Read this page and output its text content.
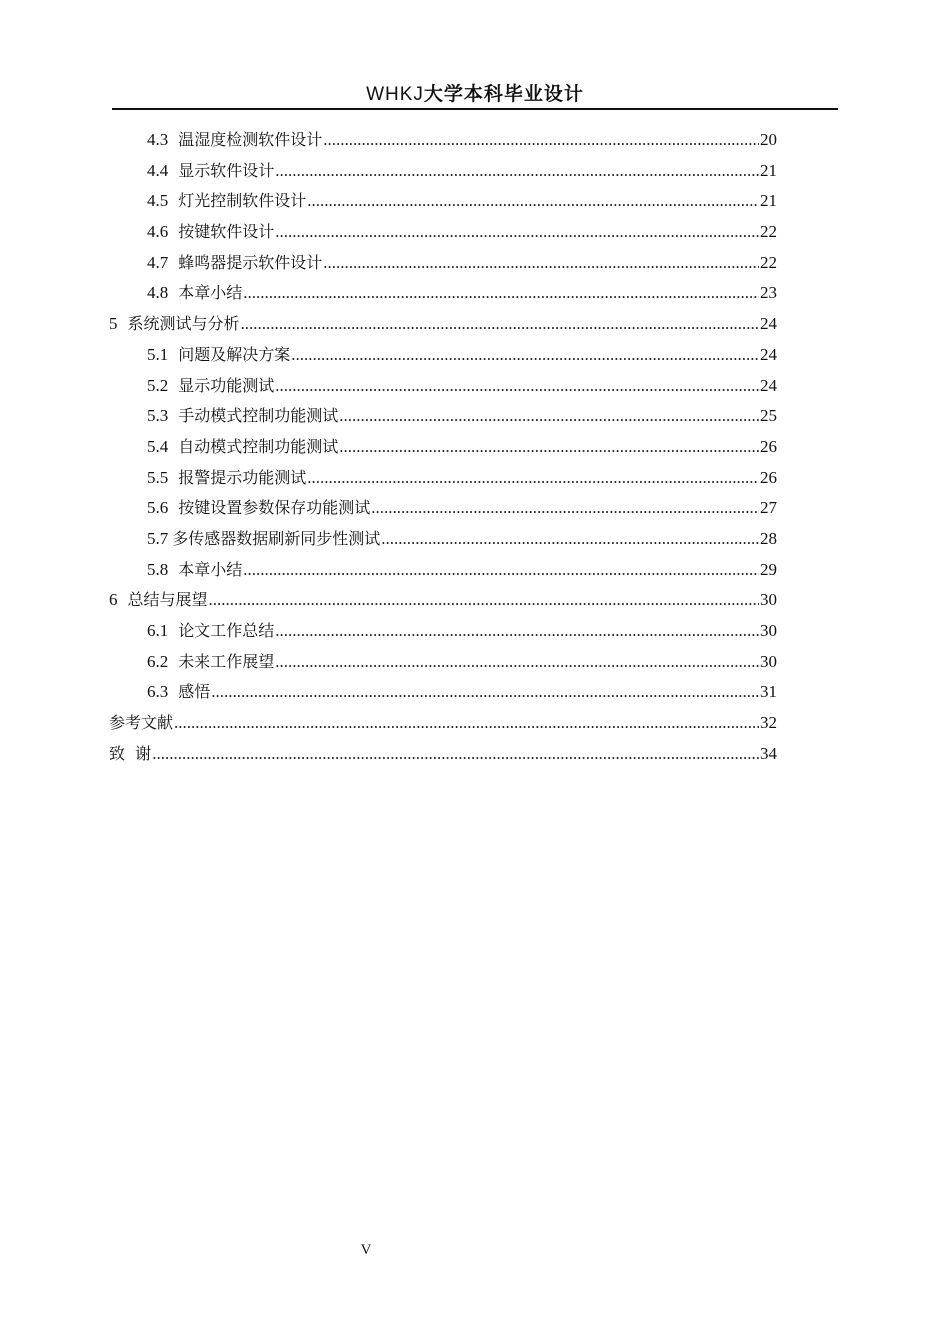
WHKJ大学本科毕业设计
4.3 温湿度检测软件设计 .....	20
4.4 显示软件设计 .....	21
4.5 灯光控制软件设计 .....	21
4.6 按键软件设计 .....	22
4.7 蜂鸣器提示软件设计 .....	22
4.8 本章小结 .....	23
5 系统测试与分析 .....	24
5.1 问题及解决方案 .....	24
5.2 显示功能测试 .....	24
5.3 手动模式控制功能测试 .....	25
5.4 自动模式控制功能测试 .....	26
5.5 报警提示功能测试 .....	26
5.6 按键设置参数保存功能测试 .....	27
5.7 多传感器数据刷新同步性测试 .....	28
5.8 本章小结 .....	29
6 总结与展望 .....	30
6.1 论文工作总结 .....	30
6.2 未来工作展望 .....	30
6.3 感悟 .....	31
参考文献 .....	32
致  谢 .....	34
V
